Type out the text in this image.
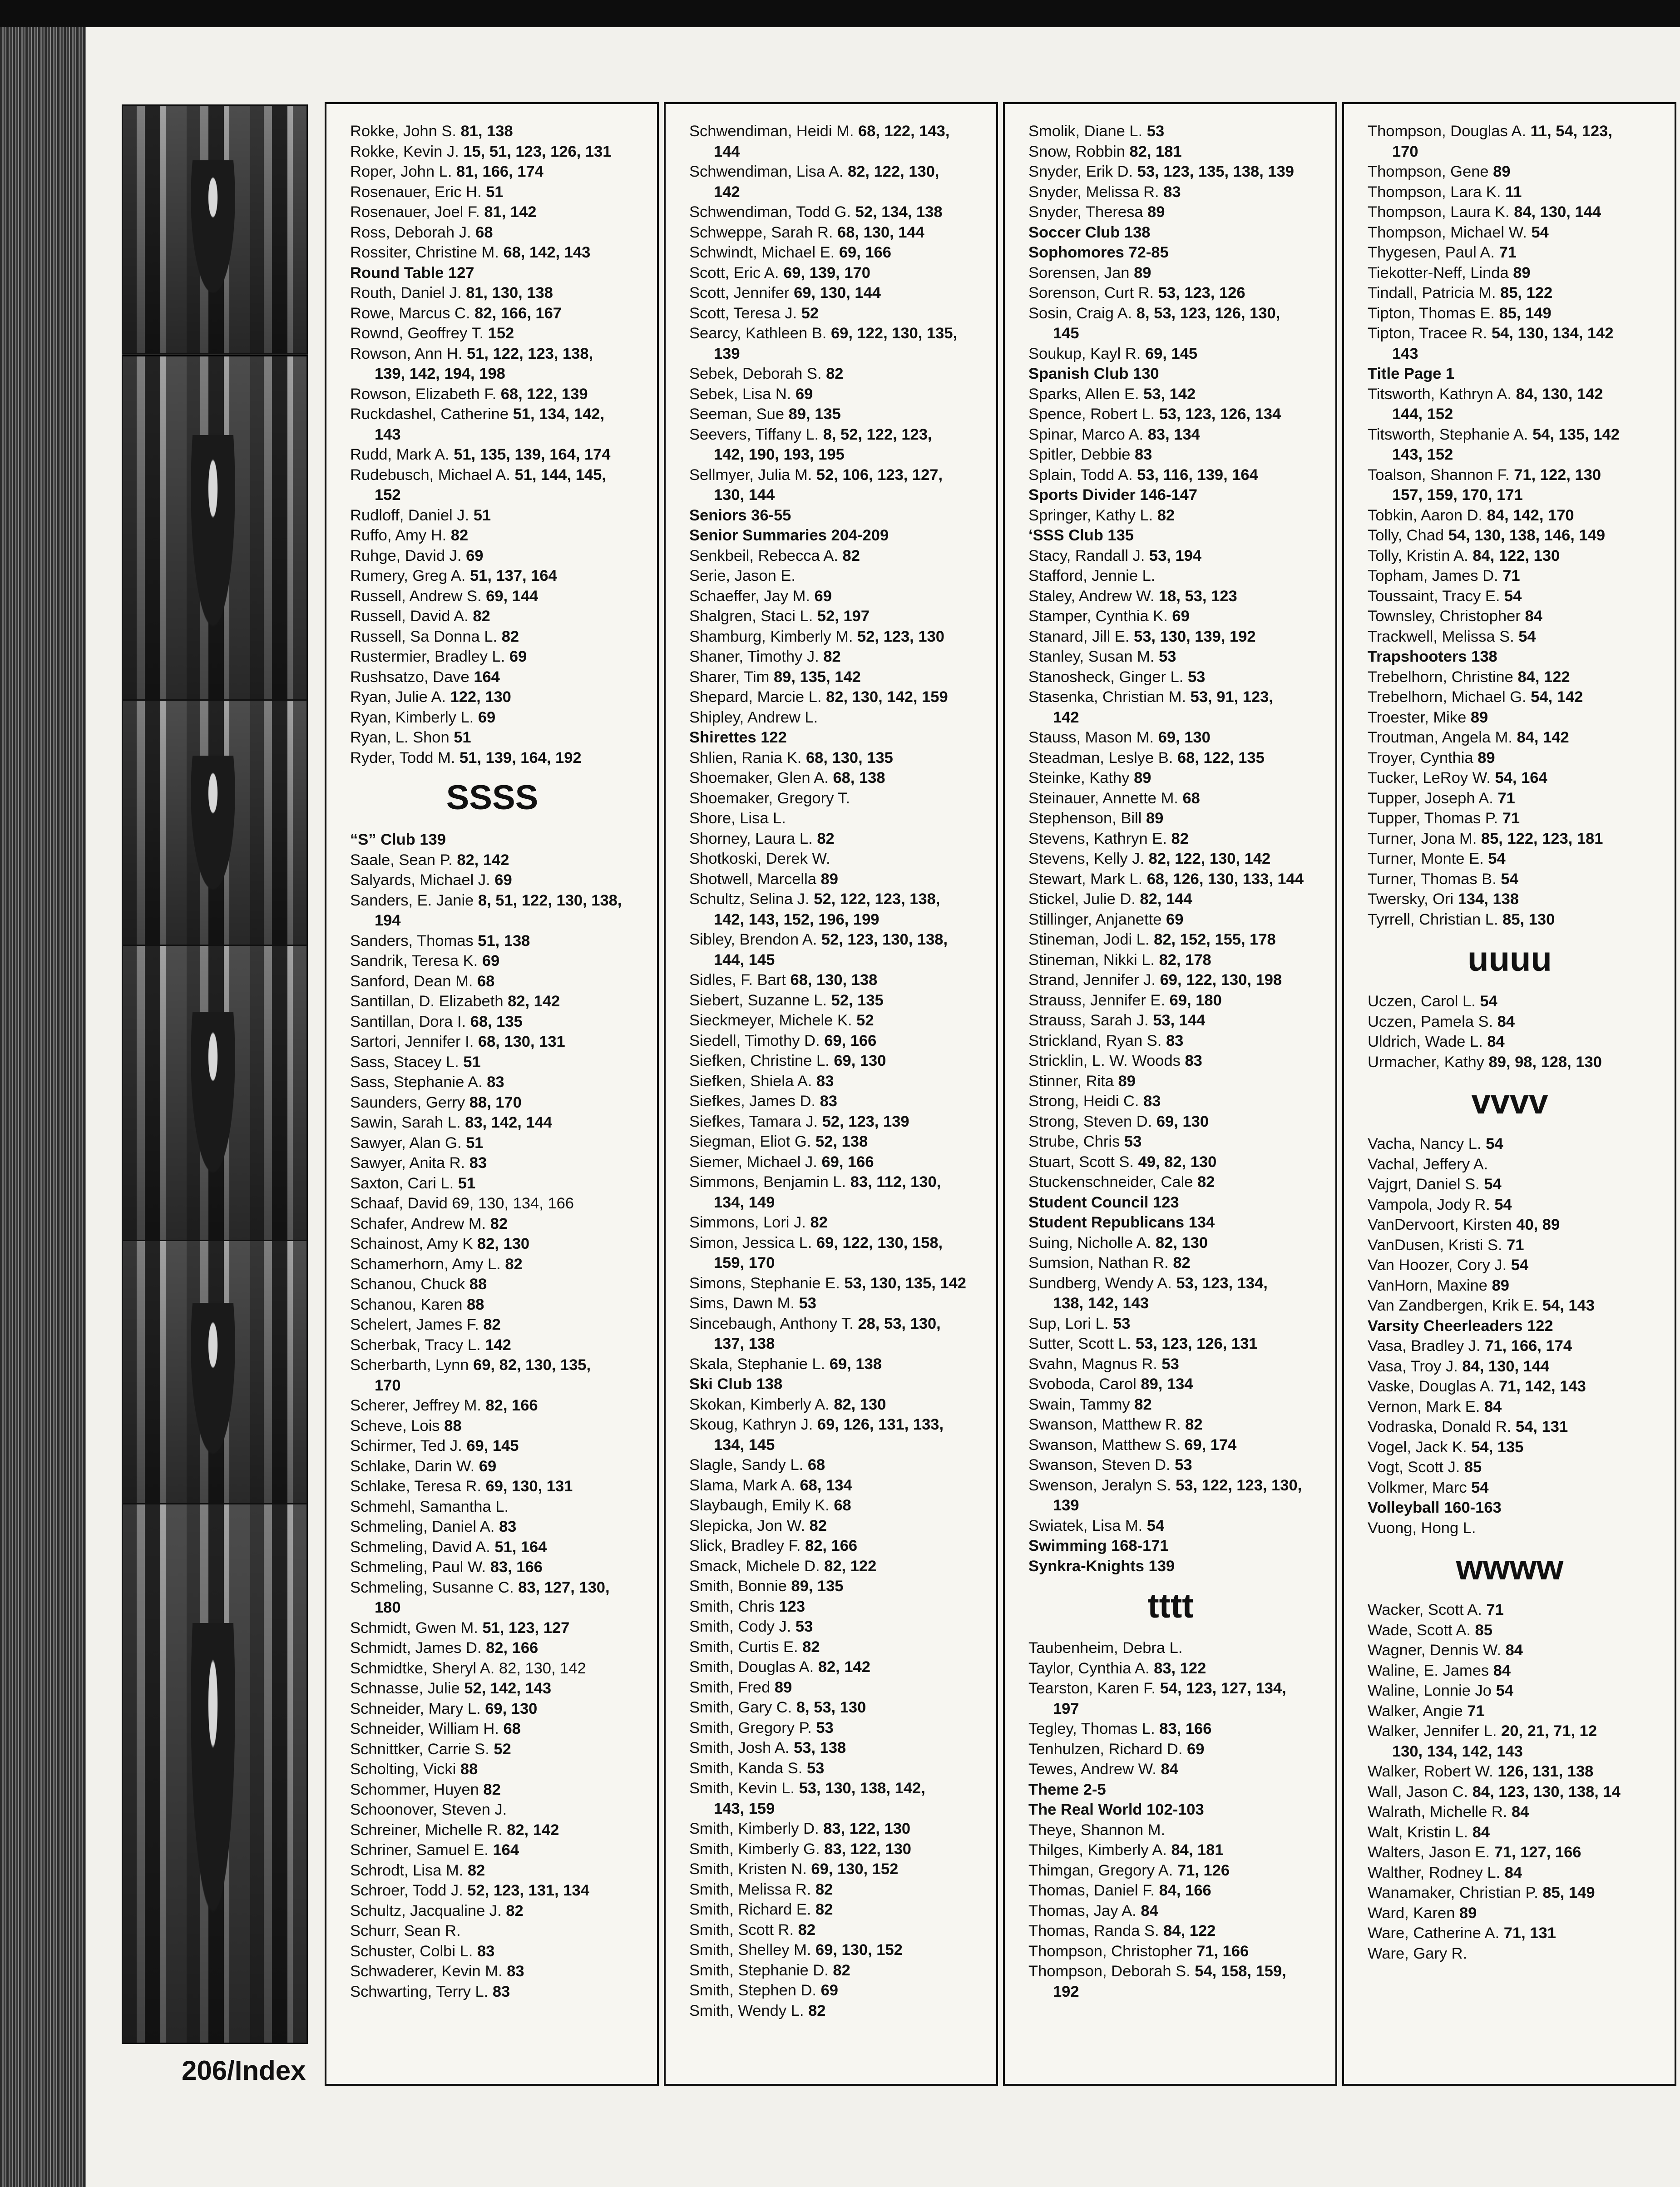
206/Index
Rokke, John S. 81, 138
Rokke, Kevin J. 15, 51, 123, 126, 131
Roper, John L. 81, 166, 174
Rosenauer, Eric H. 51
Rosenauer, Joel F. 81, 142
Ross, Deborah J. 68
Rossiter, Christine M. 68, 142, 143
Round Table 127
Routh, Daniel J. 81, 130, 138
Rowe, Marcus C. 82, 166, 167
Rownd, Geoffrey T. 152
Rowson, Ann H. 51, 122, 123, 138,
139, 142, 194, 198
Rowson, Elizabeth F. 68, 122, 139
Ruckdashel, Catherine 51, 134, 142,
143
Rudd, Mark A. 51, 135, 139, 164, 174
Rudebusch, Michael A. 51, 144, 145,
152
Rudloff, Daniel J. 51
Ruffo, Amy H. 82
Ruhge, David J. 69
Rumery, Greg A. 51, 137, 164
Russell, Andrew S. 69, 144
Russell, David A. 82
Russell, Sa Donna L. 82
Rustermier, Bradley L. 69
Rushsatzo, Dave 164
Ryan, Julie A. 122, 130
Ryan, Kimberly L. 69
Ryan, L. Shon 51
Ryder, Todd M. 51, 139, 164, 192
SSSS
“S” Club 139
Saale, Sean P. 82, 142
Salyards, Michael J. 69
Sanders, E. Janie 8, 51, 122, 130, 138,
194
Sanders, Thomas 51, 138
Sandrik, Teresa K. 69
Sanford, Dean M. 68
Santillan, D. Elizabeth 82, 142
Santillan, Dora I. 68, 135
Sartori, Jennifer I. 68, 130, 131
Sass, Stacey L. 51
Sass, Stephanie A. 83
Saunders, Gerry 88, 170
Sawin, Sarah L. 83, 142, 144
Sawyer, Alan G. 51
Sawyer, Anita R. 83
Saxton, Cari L. 51
Schaaf, David 69, 130, 134, 166
Schafer, Andrew M. 82
Schainost, Amy K 82, 130
Schamerhorn, Amy L. 82
Schanou, Chuck 88
Schanou, Karen 88
Schelert, James F. 82
Scherbak, Tracy L. 142
Scherbarth, Lynn 69, 82, 130, 135,
170
Scherer, Jeffrey M. 82, 166
Scheve, Lois 88
Schirmer, Ted J. 69, 145
Schlake, Darin W. 69
Schlake, Teresa R. 69, 130, 131
Schmehl, Samantha L.
Schmeling, Daniel A. 83
Schmeling, David A. 51, 164
Schmeling, Paul W. 83, 166
Schmeling, Susanne C. 83, 127, 130,
180
Schmidt, Gwen M. 51, 123, 127
Schmidt, James D. 82, 166
Schmidtke, Sheryl A. 82, 130, 142
Schnasse, Julie 52, 142, 143
Schneider, Mary L. 69, 130
Schneider, William H. 68
Schnittker, Carrie S. 52
Scholting, Vicki 88
Schommer, Huyen 82
Schoonover, Steven J.
Schreiner, Michelle R. 82, 142
Schriner, Samuel E. 164
Schrodt, Lisa M. 82
Schroer, Todd J. 52, 123, 131, 134
Schultz, Jacqualine J. 82
Schurr, Sean R.
Schuster, Colbi L. 83
Schwaderer, Kevin M. 83
Schwarting, Terry L. 83
Schwendiman, Heidi M. 68, 122, 143,
144
Schwendiman, Lisa A. 82, 122, 130,
142
Schwendiman, Todd G. 52, 134, 138
Schweppe, Sarah R. 68, 130, 144
Schwindt, Michael E. 69, 166
Scott, Eric A. 69, 139, 170
Scott, Jennifer 69, 130, 144
Scott, Teresa J. 52
Searcy, Kathleen B. 69, 122, 130, 135,
139
Sebek, Deborah S. 82
Sebek, Lisa N. 69
Seeman, Sue 89, 135
Seevers, Tiffany L. 8, 52, 122, 123,
142, 190, 193, 195
Sellmyer, Julia M. 52, 106, 123, 127,
130, 144
Seniors 36-55
Senior Summaries 204-209
Senkbeil, Rebecca A. 82
Serie, Jason E.
Schaeffer, Jay M. 69
Shalgren, Staci L. 52, 197
Shamburg, Kimberly M. 52, 123, 130
Shaner, Timothy J. 82
Sharer, Tim 89, 135, 142
Shepard, Marcie L. 82, 130, 142, 159
Shipley, Andrew L.
Shirettes 122
Shlien, Rania K. 68, 130, 135
Shoemaker, Glen A. 68, 138
Shoemaker, Gregory T.
Shore, Lisa L.
Shorney, Laura L. 82
Shotkoski, Derek W.
Shotwell, Marcella 89
Schultz, Selina J. 52, 122, 123, 138,
142, 143, 152, 196, 199
Sibley, Brendon A. 52, 123, 130, 138,
144, 145
Sidles, F. Bart 68, 130, 138
Siebert, Suzanne L. 52, 135
Sieckmeyer, Michele K. 52
Siedell, Timothy D. 69, 166
Siefken, Christine L. 69, 130
Siefken, Shiela A. 83
Siefkes, James D. 83
Siefkes, Tamara J. 52, 123, 139
Siegman, Eliot G. 52, 138
Siemer, Michael J. 69, 166
Simmons, Benjamin L. 83, 112, 130,
134, 149
Simmons, Lori J. 82
Simon, Jessica L. 69, 122, 130, 158,
159, 170
Simons, Stephanie E. 53, 130, 135, 142
Sims, Dawn M. 53
Sincebaugh, Anthony T. 28, 53, 130,
137, 138
Skala, Stephanie L. 69, 138
Ski Club 138
Skokan, Kimberly A. 82, 130
Skoug, Kathryn J. 69, 126, 131, 133,
134, 145
Slagle, Sandy L. 68
Slama, Mark A. 68, 134
Slaybaugh, Emily K. 68
Slepicka, Jon W. 82
Slick, Bradley F. 82, 166
Smack, Michele D. 82, 122
Smith, Bonnie 89, 135
Smith, Chris 123
Smith, Cody J. 53
Smith, Curtis E. 82
Smith, Douglas A. 82, 142
Smith, Fred 89
Smith, Gary C. 8, 53, 130
Smith, Gregory P. 53
Smith, Josh A. 53, 138
Smith, Kanda S. 53
Smith, Kevin L. 53, 130, 138, 142,
143, 159
Smith, Kimberly D. 83, 122, 130
Smith, Kimberly G. 83, 122, 130
Smith, Kristen N. 69, 130, 152
Smith, Melissa R. 82
Smith, Richard E. 82
Smith, Scott R. 82
Smith, Shelley M. 69, 130, 152
Smith, Stephanie D. 82
Smith, Stephen D. 69
Smith, Wendy L. 82
Smolik, Diane L. 53
Snow, Robbin 82, 181
Snyder, Erik D. 53, 123, 135, 138, 139
Snyder, Melissa R. 83
Snyder, Theresa 89
Soccer Club 138
Sophomores 72-85
Sorensen, Jan 89
Sorenson, Curt R. 53, 123, 126
Sosin, Craig A. 8, 53, 123, 126, 130,
145
Soukup, Kayl R. 69, 145
Spanish Club 130
Sparks, Allen E. 53, 142
Spence, Robert L. 53, 123, 126, 134
Spinar, Marco A. 83, 134
Spitler, Debbie 83
Splain, Todd A. 53, 116, 139, 164
Sports Divider 146-147
Springer, Kathy L. 82
‘SSS Club 135
Stacy, Randall J. 53, 194
Stafford, Jennie L.
Staley, Andrew W. 18, 53, 123
Stamper, Cynthia K. 69
Stanard, Jill E. 53, 130, 139, 192
Stanley, Susan M. 53
Stanosheck, Ginger L. 53
Stasenka, Christian M. 53, 91, 123,
142
Stauss, Mason M. 69, 130
Steadman, Leslye B. 68, 122, 135
Steinke, Kathy 89
Steinauer, Annette M. 68
Stephenson, Bill 89
Stevens, Kathryn E. 82
Stevens, Kelly J. 82, 122, 130, 142
Stewart, Mark L. 68, 126, 130, 133, 144
Stickel, Julie D. 82, 144
Stillinger, Anjanette 69
Stineman, Jodi L. 82, 152, 155, 178
Stineman, Nikki L. 82, 178
Strand, Jennifer J. 69, 122, 130, 198
Strauss, Jennifer E. 69, 180
Strauss, Sarah J. 53, 144
Strickland, Ryan S. 83
Stricklin, L. W. Woods 83
Stinner, Rita 89
Strong, Heidi C. 83
Strong, Steven D. 69, 130
Strube, Chris 53
Stuart, Scott S. 49, 82, 130
Stuckenschneider, Cale 82
Student Council 123
Student Republicans 134
Suing, Nicholle A. 82, 130
Sumsion, Nathan R. 82
Sundberg, Wendy A. 53, 123, 134,
138, 142, 143
Sup, Lori L. 53
Sutter, Scott L. 53, 123, 126, 131
Svahn, Magnus R. 53
Svoboda, Carol 89, 134
Swain, Tammy 82
Swanson, Matthew R. 82
Swanson, Matthew S. 69, 174
Swanson, Steven D. 53
Swenson, Jeralyn S. 53, 122, 123, 130,
139
Swiatek, Lisa M. 54
Swimming 168-171
Synkra-Knights 139
tttt
Taubenheim, Debra L.
Taylor, Cynthia A. 83, 122
Tearston, Karen F. 54, 123, 127, 134,
197
Tegley, Thomas L. 83, 166
Tenhulzen, Richard D. 69
Tewes, Andrew W. 84
Theme 2-5
The Real World 102-103
Theye, Shannon M.
Thilges, Kimberly A. 84, 181
Thimgan, Gregory A. 71, 126
Thomas, Daniel F. 84, 166
Thomas, Jay A. 84
Thomas, Randa S. 84, 122
Thompson, Christopher 71, 166
Thompson, Deborah S. 54, 158, 159,
192
Thompson, Douglas A. 11, 54, 123,
170
Thompson, Gene 89
Thompson, Lara K. 11
Thompson, Laura K. 84, 130, 144
Thompson, Michael W. 54
Thygesen, Paul A. 71
Tiekotter-Neff, Linda 89
Tindall, Patricia M. 85, 122
Tipton, Thomas E. 85, 149
Tipton, Tracee R. 54, 130, 134, 142
143
Title Page 1
Titsworth, Kathryn A. 84, 130, 142
144, 152
Titsworth, Stephanie A. 54, 135, 142
143, 152
Toalson, Shannon F. 71, 122, 130
157, 159, 170, 171
Tobkin, Aaron D. 84, 142, 170
Tolly, Chad 54, 130, 138, 146, 149
Tolly, Kristin A. 84, 122, 130
Topham, James D. 71
Toussaint, Tracy E. 54
Townsley, Christopher 84
Trackwell, Melissa S. 54
Trapshooters 138
Trebelhorn, Christine 84, 122
Trebelhorn, Michael G. 54, 142
Troester, Mike 89
Troutman, Angela M. 84, 142
Troyer, Cynthia 89
Tucker, LeRoy W. 54, 164
Tupper, Joseph A. 71
Tupper, Thomas P. 71
Turner, Jona M. 85, 122, 123, 181
Turner, Monte E. 54
Turner, Thomas B. 54
Twersky, Ori 134, 138
Tyrrell, Christian L. 85, 130
uuuu
Uczen, Carol L. 54
Uczen, Pamela S. 84
Uldrich, Wade L. 84
Urmacher, Kathy 89, 98, 128, 130
vvvv
Vacha, Nancy L. 54
Vachal, Jeffery A.
Vajgrt, Daniel S. 54
Vampola, Jody R. 54
VanDervoort, Kirsten 40, 89
VanDusen, Kristi S. 71
Van Hoozer, Cory J. 54
VanHorn, Maxine 89
Van Zandbergen, Krik E. 54, 143
Varsity Cheerleaders 122
Vasa, Bradley J. 71, 166, 174
Vasa, Troy J. 84, 130, 144
Vaske, Douglas A. 71, 142, 143
Vernon, Mark E. 84
Vodraska, Donald R. 54, 131
Vogel, Jack K. 54, 135
Vogt, Scott J. 85
Volkmer, Marc 54
Volleyball 160-163
Vuong, Hong L.
wwww
Wacker, Scott A. 71
Wade, Scott A. 85
Wagner, Dennis W. 84
Waline, E. James 84
Waline, Lonnie Jo 54
Walker, Angie 71
Walker, Jennifer L. 20, 21, 71, 12
130, 134, 142, 143
Walker, Robert W. 126, 131, 138
Wall, Jason C. 84, 123, 130, 138, 14
Walrath, Michelle R. 84
Walt, Kristin L. 84
Walters, Jason E. 71, 127, 166
Walther, Rodney L. 84
Wanamaker, Christian P. 85, 149
Ward, Karen 89
Ware, Catherine A. 71, 131
Ware, Gary R.
